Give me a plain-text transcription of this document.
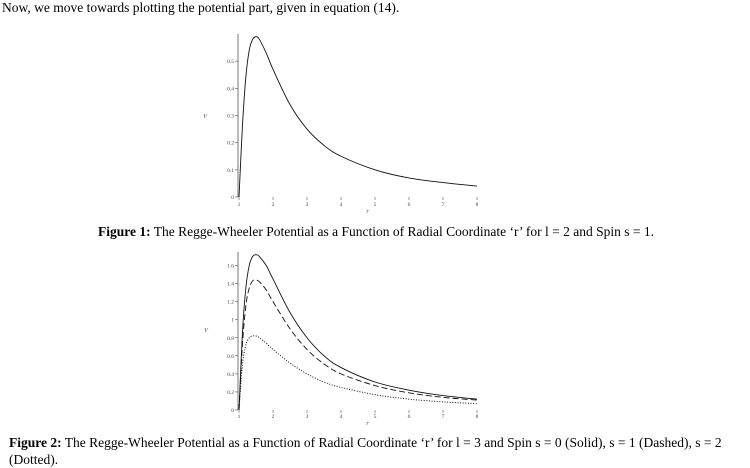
Now, we move towards plotting the potential part, given in equation (14).
0
0.1
0.2
0.3
0.4
0.5
1	2	3	4	5	6	7	8
V
r
0
0.2
0.4
0.6
0.8
1
1.2
1.4
1.6
1	2	3	4	5	6	7	8
V
r
Figure 1: The Regge-Wheeler Potential as a Function of Radial Coordinate ‘r’ for l = 2 and Spin s = 1.
Figure 2: The Regge-Wheeler Potential as a Function of Radial Coordinate ‘r’ for l = 3 and Spin s = 0 (Solid), s = 1 (Dashed), s = 2 (Dotted).
